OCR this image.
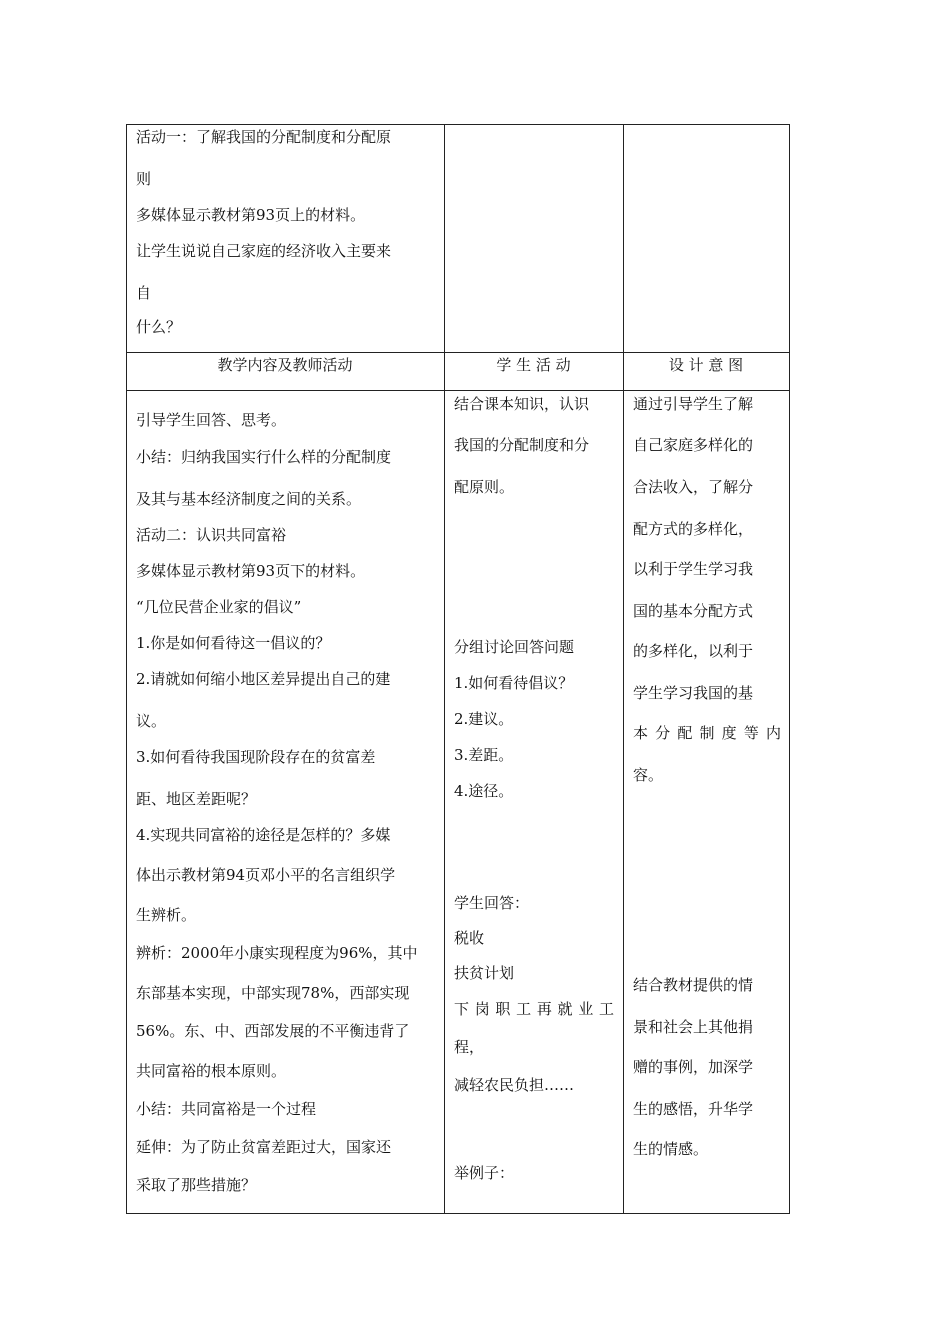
活动一：了解我国的分配制度和分配原
则
多媒体显示教材第93页上的材料。
让学生说说自己家庭的经济收入主要来
自
什么？
教学内容及教师活动	学 生 活 动	设 计 意 图
引导学生回答、思考。
小结：归纳我国实行什么样的分配制度
及其与基本经济制度之间的关系。
活动二：认识共同富裕
多媒体显示教材第93页下的材料。
“几位民营企业家的倡议”
1.你是如何看待这一倡议的？
2.请就如何缩小地区差异提出自己的建
议。
3.如何看待我国现阶段存在的贫富差
距、地区差距呢？
4.实现共同富裕的途径是怎样的？多媒
体出示教材第94页邓小平的名言组织学
生辨析。
辨析：2000年小康实现程度为96%，其中
东部基本实现，中部实现78%，西部实现
56%。东、中、西部发展的不平衡违背了
共同富裕的根本原则。
小结：共同富裕是一个过程
延伸：为了防止贫富差距过大，国家还
采取了那些措施？
结合课本知识，认识
我国的分配制度和分
配原则。
分组讨论回答问题
1.如何看待倡议？
2.建议。
3.差距。
4.途径。
学生回答：
税收
扶贫计划
下岗职工再就业工
程，
减轻农民负担……
举例子：
通过引导学生了解
自己家庭多样化的
合法收入，了解分
配方式的多样化，
以利于学生学习我
国的基本分配方式
的多样化，以利于
学生学习我国的基
本分配制度等内
容。
结合教材提供的情
景和社会上其他捐
赠的事例，加深学
生的感悟，升华学
生的情感。
